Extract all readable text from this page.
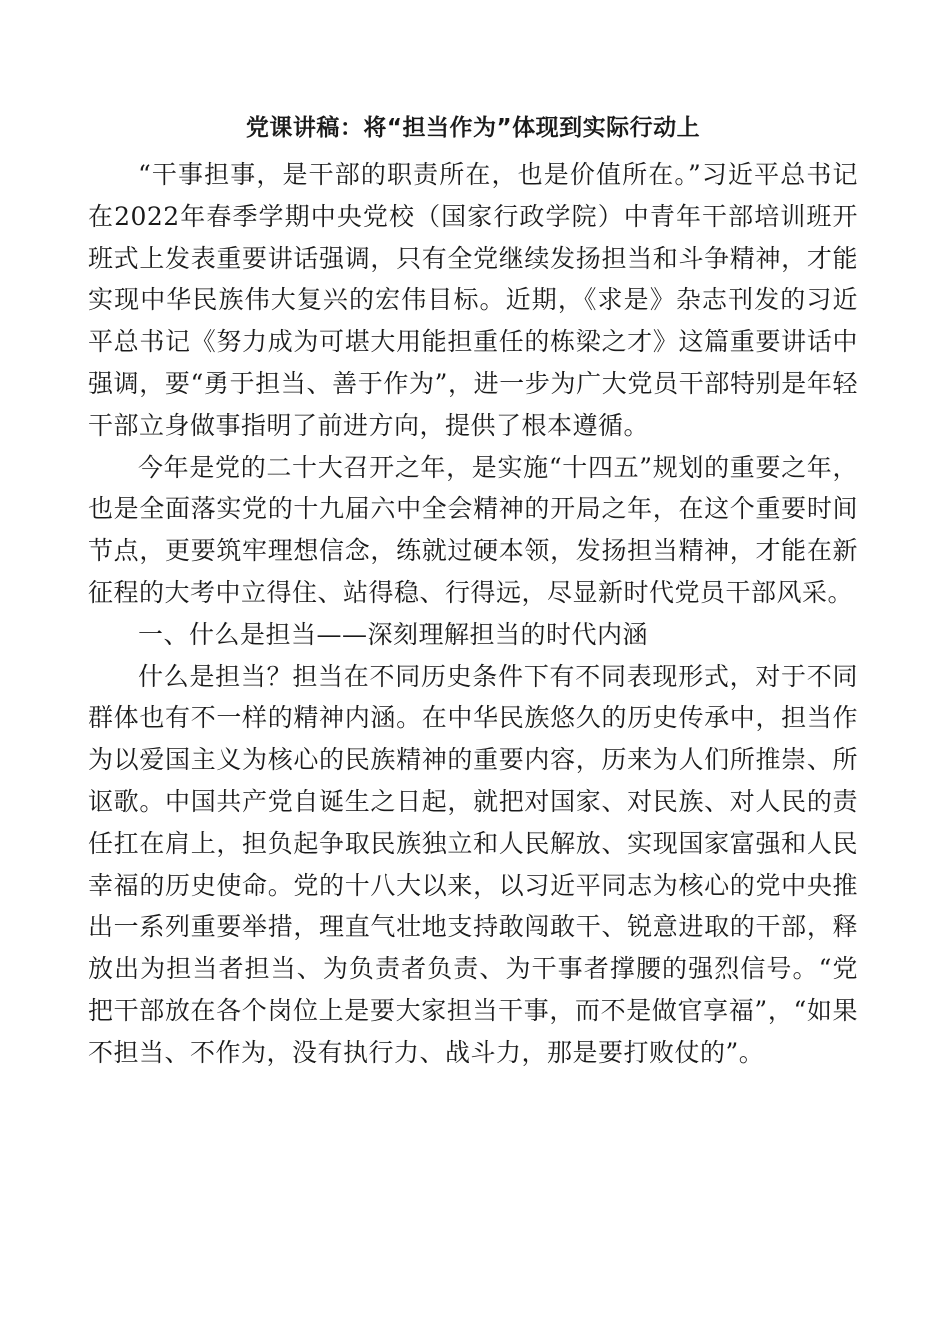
党课讲稿：将“担当作为”体现到实际行动上

“干事担事，是干部的职责所在，也是价值所在。”习近平总书记在2022年春季学期中央党校（国家行政学院）中青年干部培训班开班式上发表重要讲话强调，只有全党继续发扬担当和斗争精神，才能实现中华民族伟大复兴的宏伟目标。近期，《求是》杂志刊发的习近平总书记《努力成为可堪大用能担重任的栋梁之才》这篇重要讲话中强调，要“勇于担当、善于作为”，进一步为广大党员干部特别是年轻干部立身做事指明了前进方向，提供了根本遵循。

今年是党的二十大召开之年，是实施“十四五”规划的重要之年，也是全面落实党的十九届六中全会精神的开局之年，在这个重要时间节点，更要筑牢理想信念，练就过硬本领，发扬担当精神，才能在新征程的大考中立得住、站得稳、行得远，尽显新时代党员干部风采。

一、什么是担当——深刻理解担当的时代内涵

什么是担当？担当在不同历史条件下有不同表现形式，对于不同群体也有不一样的精神内涵。在中华民族悠久的历史传承中，担当作为以爱国主义为核心的民族精神的重要内容，历来为人们所推崇、所讴歌。中国共产党自诞生之日起，就把对国家、对民族、对人民的责任扛在肩上，担负起争取民族独立和人民解放、实现国家富强和人民幸福的历史使命。党的十八大以来，以习近平同志为核心的党中央推出一系列重要举措，理直气壮地支持敢闯敢干、锐意进取的干部，释放出为担当者担当、为负责者负责、为干事者撑腰的强烈信号。“党把干部放在各个岗位上是要大家担当干事，而不是做官享福”，“如果不担当、不作为，没有执行力、战斗力，那是要打败仗的”。
